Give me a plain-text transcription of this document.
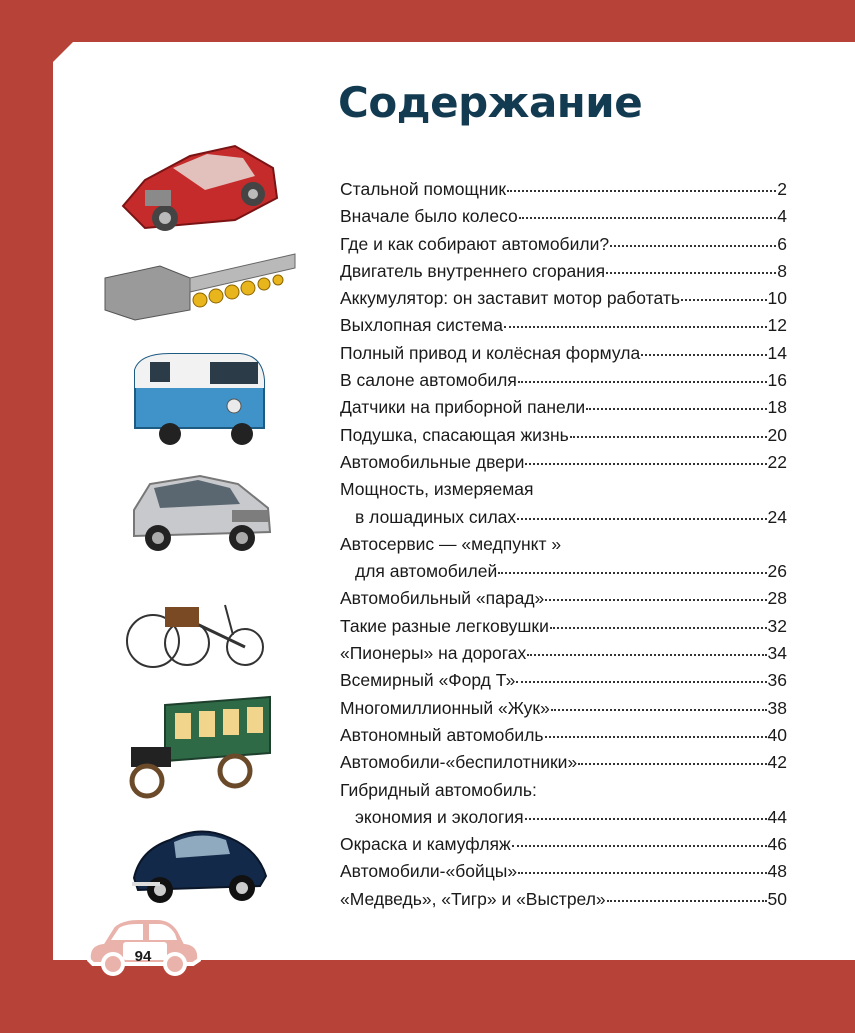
Содержание
Стальной помощник	2
Вначале было колесо	4
Где и как собирают автомобили?	6
Двигатель внутреннего сгорания	8
Аккумулятор: он заставит мотор работать	10
Выхлопная система	12
Полный привод и колёсная формула	14
В салоне автомобиля	16
Датчики на приборной панели	18
Подушка, спасающая жизнь	20
Автомобильные двери	22
Мощность, измеряемая
в лошадиных силах	24
Автосервис — «медпункт »
для автомобилей	26
Автомобильный «парад»	28
Такие разные легковушки	32
«Пионеры» на дорогах	34
Всемирный «Форд Т»	36
Многомиллионный «Жук»	38
Автономный автомобиль	40
Автомобили-«беспилотники»	42
Гибридный автомобиль:
экономия и экология	44
Окраска и камуфляж	46
Автомобили-«бойцы»	48
«Медведь», «Тигр» и «Выстрел»	50
94
